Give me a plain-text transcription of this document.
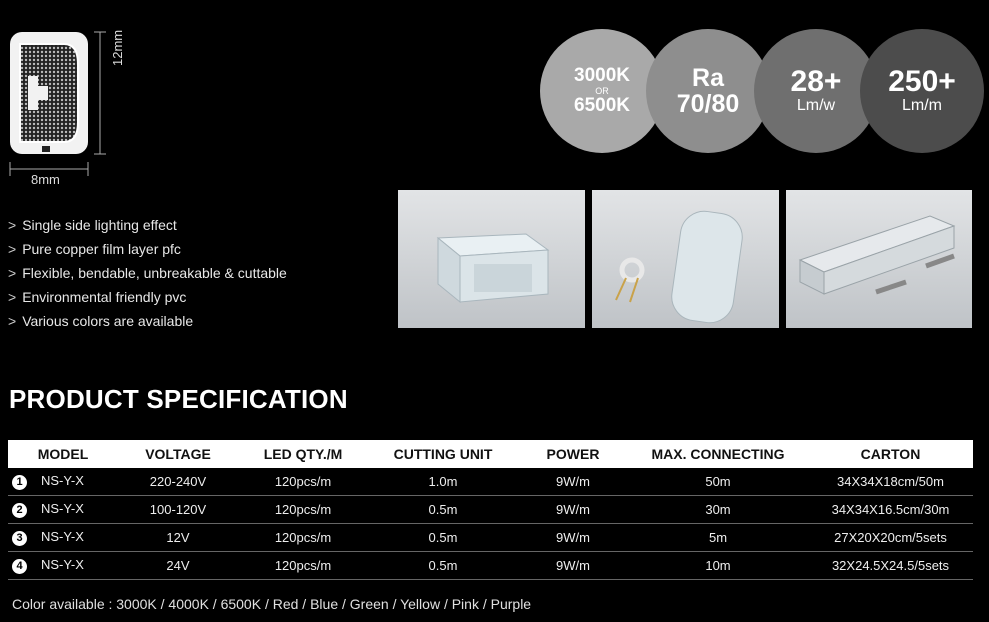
12mm
8mm
> Single side lighting effect
> Pure copper film layer pfc
> Flexible, bendable, unbreakable & cuttable
> Environmental friendly pvc
> Various colors are available
3000K
OR
6500K
Ra
70/80
28+
Lm/w
250+
Lm/m
PRODUCT SPECIFICATION
MODEL	VOLTAGE	LED QTY./M	CUTTING UNIT	POWER	MAX. CONNECTING	CARTON
1 NS-Y-X	220-240V	120pcs/m	1.0m	9W/m	50m	34X34X18cm/50m
2 NS-Y-X	100-120V	120pcs/m	0.5m	9W/m	30m	34X34X16.5cm/30m
3 NS-Y-X	12V	120pcs/m	0.5m	9W/m	5m	27X20X20cm/5sets
4 NS-Y-X	24V	120pcs/m	0.5m	9W/m	10m	32X24.5X24.5/5sets
Color available : 3000K / 4000K / 6500K / Red / Blue / Green / Yellow / Pink / Purple
